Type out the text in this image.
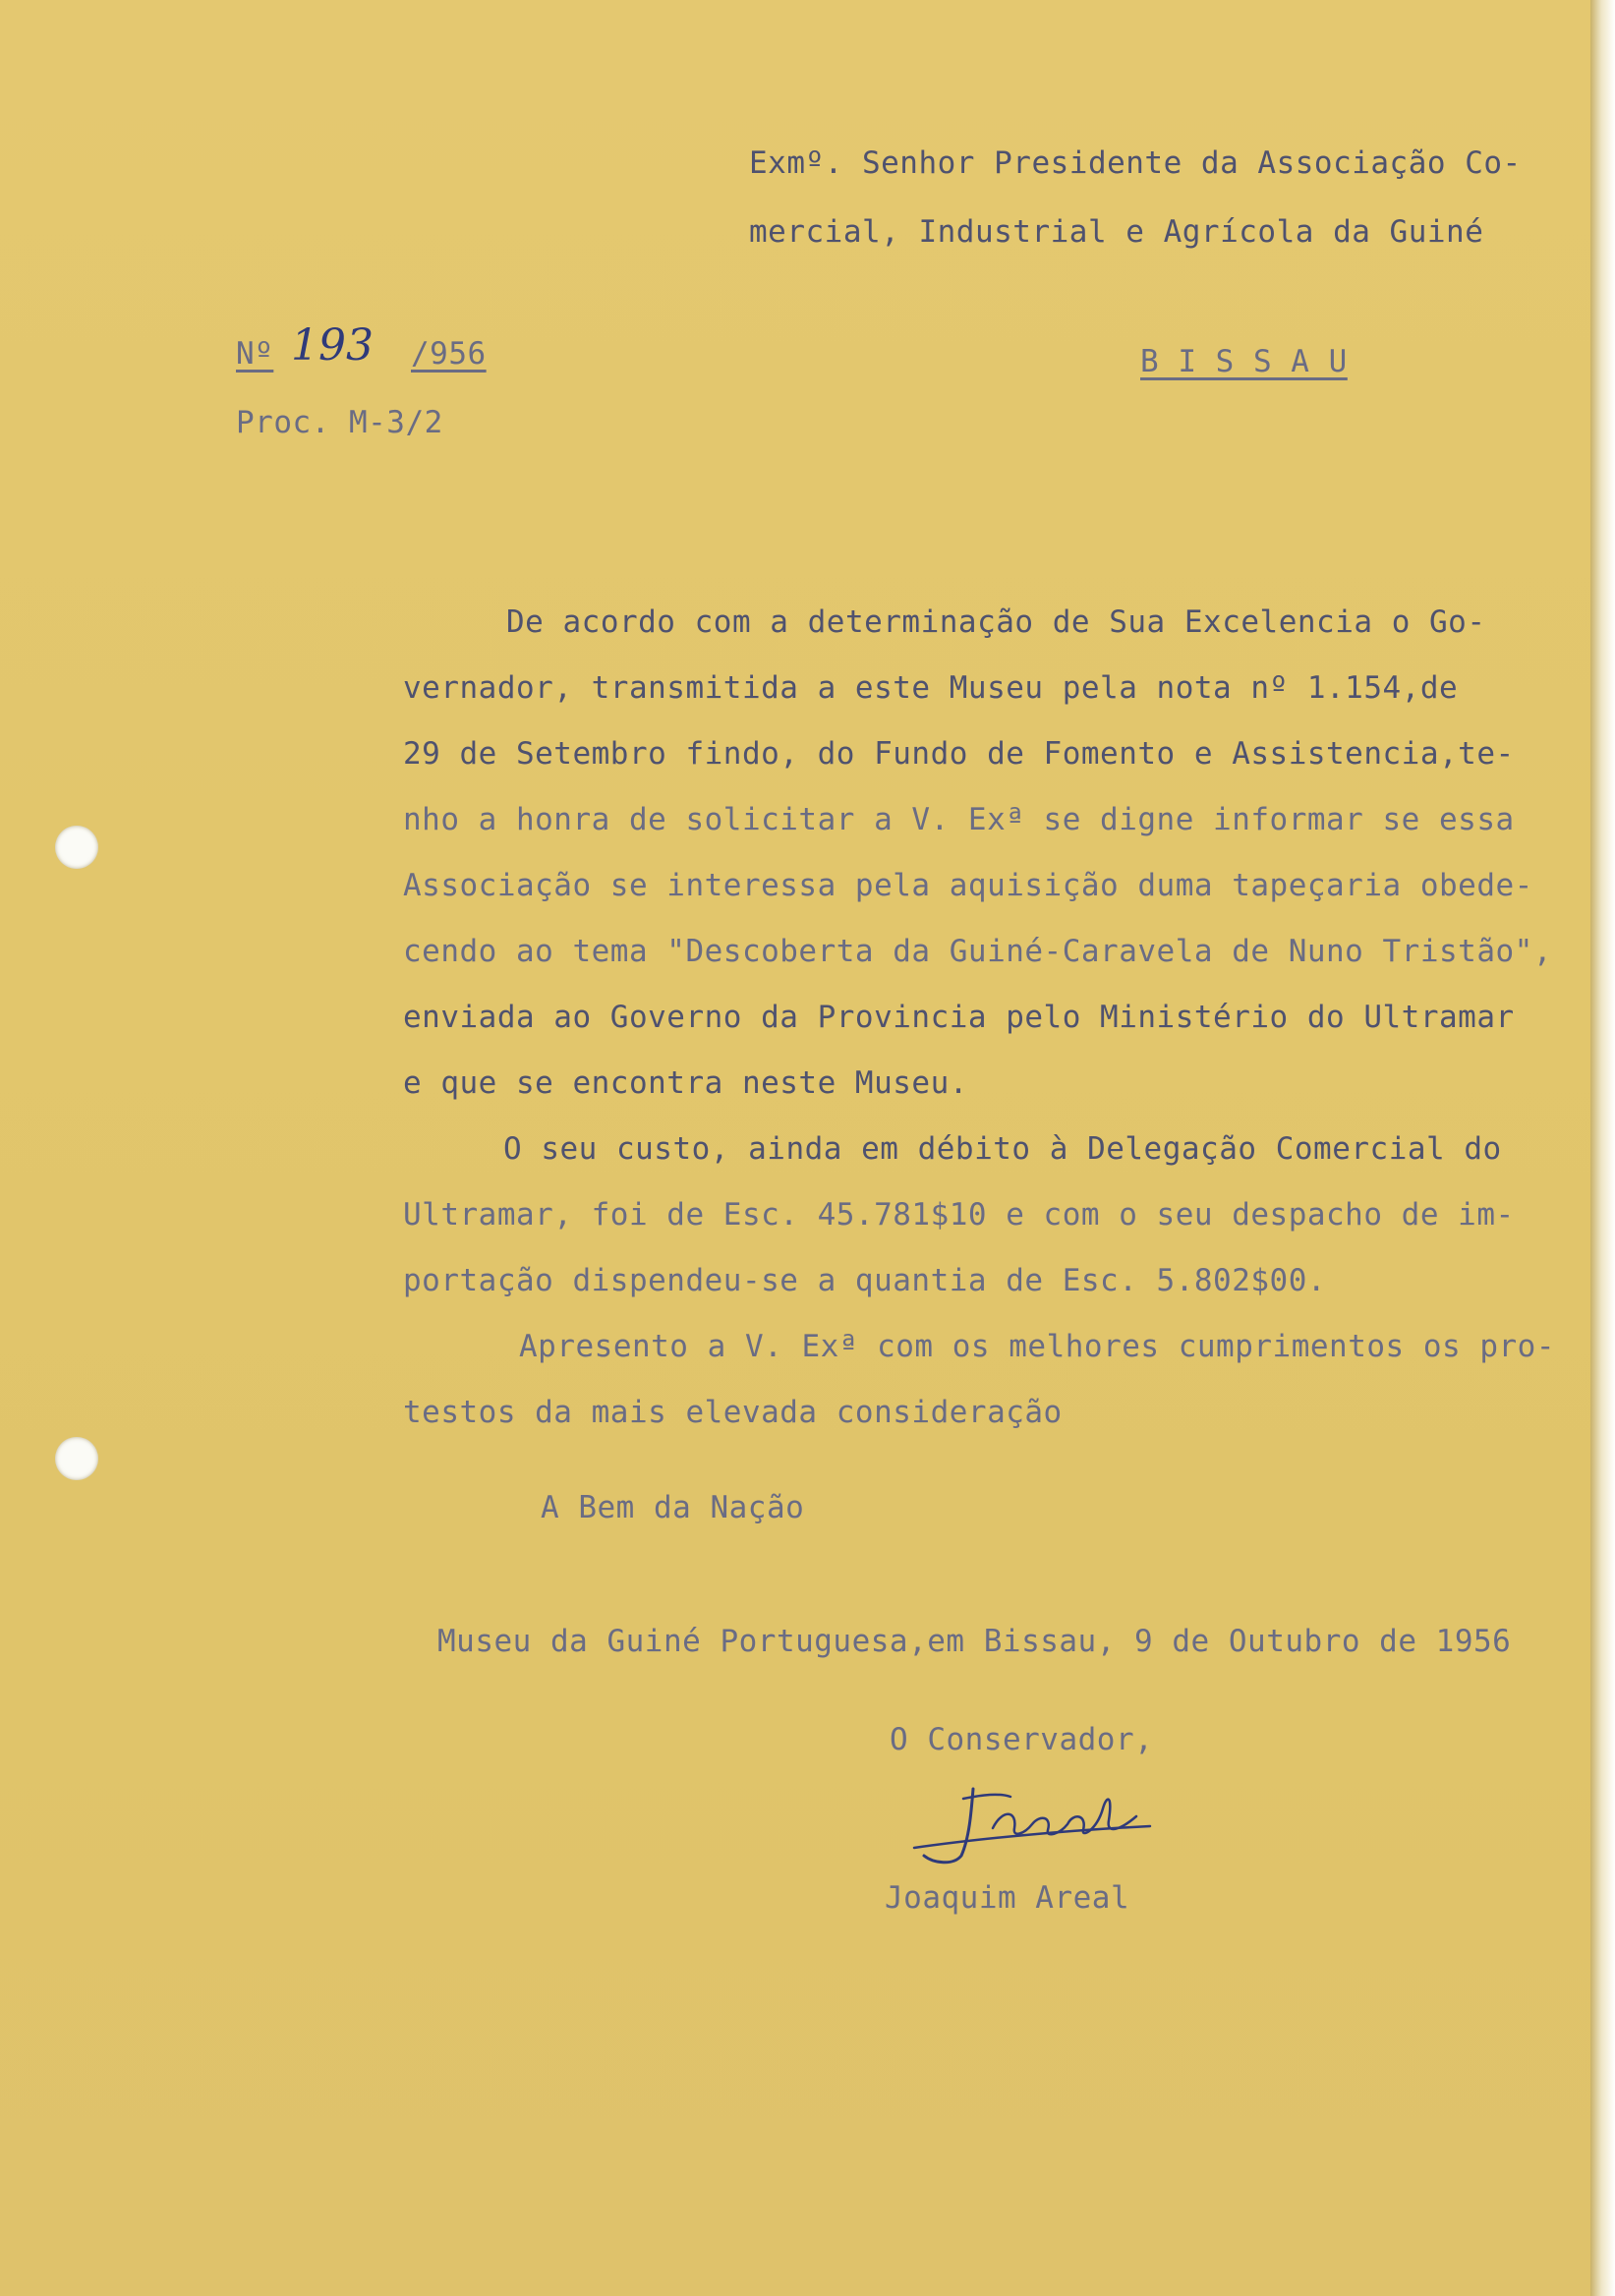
Exmº. Senhor Presidente da Associação Co-
mercial, Industrial e Agrícola da Guiné
Nº 193 /956
Proc. M-3/2
B I S S A U
De acordo com a determinação de Sua Excelencia o Go-
vernador, transmitida a este Museu pela nota nº 1.154,de
29 de Setembro findo, do Fundo de Fomento e Assistencia,te-
nho a honra de solicitar a V. Exª se digne informar se essa
Associação se interessa pela aquisição duma tapeçaria obede-
cendo ao tema "Descoberta da Guiné-Caravela de Nuno Tristão",
enviada ao Governo da Provincia pelo Ministério do Ultramar
e que se encontra neste Museu.
O seu custo, ainda em débito à Delegação Comercial do
Ultramar, foi de Esc. 45.781$10 e com o seu despacho de im-
portação dispendeu-se a quantia de Esc. 5.802$00.
Apresento a V. Exª com os melhores cumprimentos os pro-
testos da mais elevada consideração
A Bem da Nação
Museu da Guiné Portuguesa,em Bissau, 9 de Outubro de 1956
O Conservador,
Joaquim Areal
